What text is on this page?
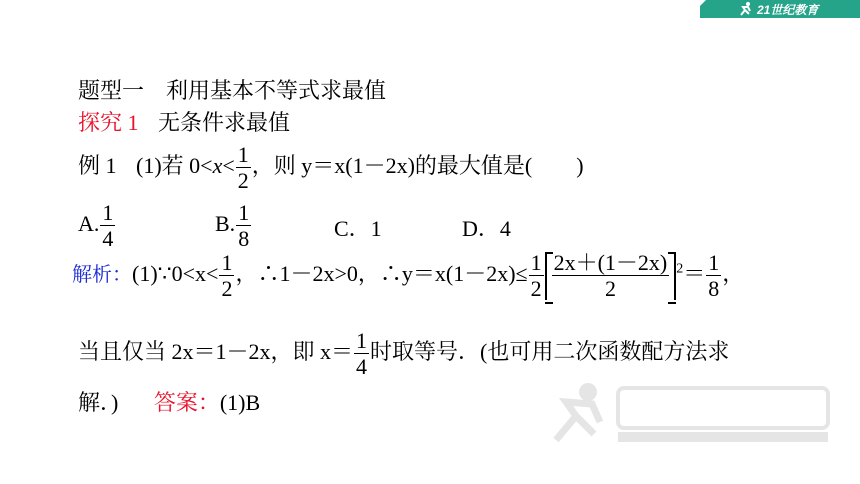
21世纪教育
题型一　利用基本不等式求最值
探究 1 无条件求最值
例 1 (1)若 $0<x< \frac{1}{2}$ ，则 y＝x(1－2x)的最大值是(　　)
A. $\frac{1}{4}$	B. $\frac{1}{8}$	C．1	D．4
解析：(1)∵0<x< $\frac{1}{2}$ ，∴1－2x>0，∴y＝x(1－2x)≤ $\frac{1}{2} \frac{2x+(1-2x)}{2} ^2= \frac{1}{8}$ ，
当且仅当 2x＝1－2x，即 $x= \frac{1}{4}$ 时取等号．(也可用二次函数配方法求
解．) 答案：(1)B
